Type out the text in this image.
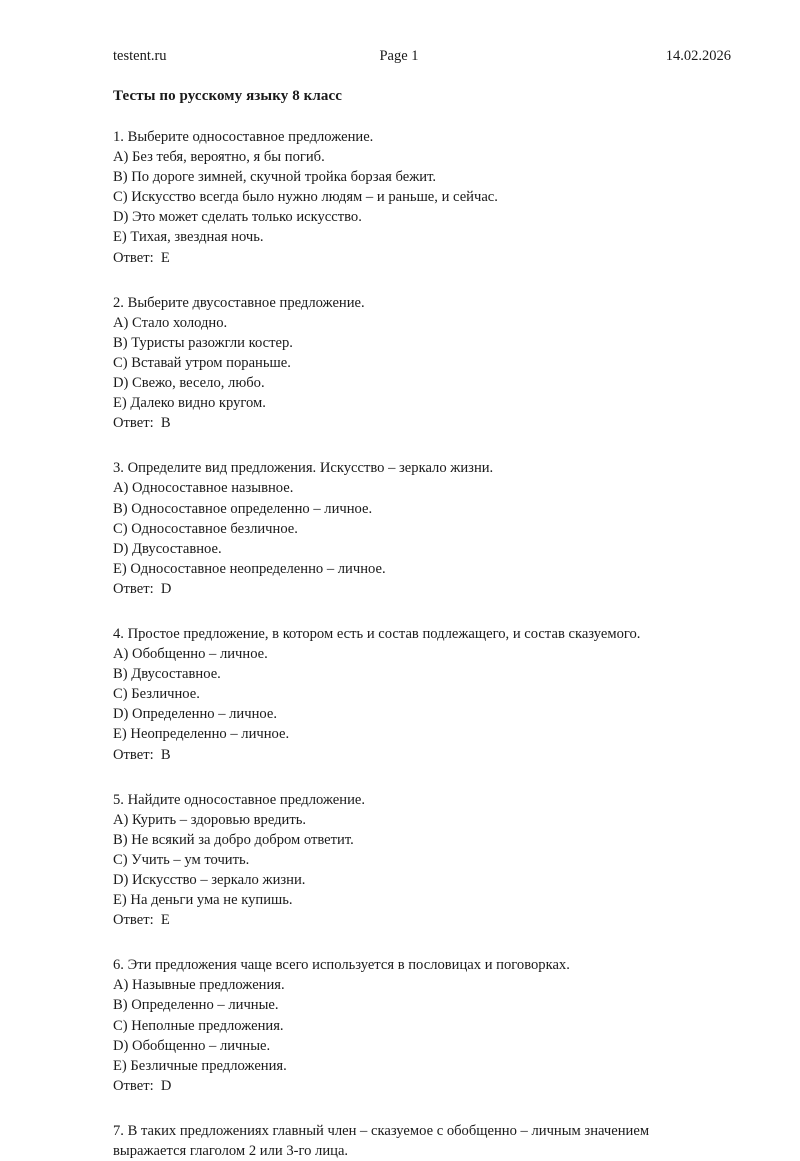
testent.ru	Page 1	14.02.2026
Тесты по русскому языку 8 класс
1. Выберите односоставное предложение.
A) Без тебя, вероятно, я бы погиб.
B) По дороге зимней, скучной тройка борзая бежит.
C) Искусство всегда было нужно людям – и раньше, и сейчас.
D) Это может сделать только искусство.
E) Тихая, звездная ночь.
Ответ:  E
2. Выберите двусоставное предложение.
A) Стало холодно.
B) Туристы разожгли костер.
C) Вставай утром пораньше.
D) Свежо, весело, любо.
E) Далеко видно кругом.
Ответ:  B
3. Определите вид предложения. Искусство – зеркало жизни.
A) Односоставное назывное.
B) Односоставное определенно – личное.
C) Односоставное безличное.
D) Двусоставное.
E) Односоставное неопределенно – личное.
Ответ:  D
4. Простое предложение, в котором есть и состав подлежащего, и состав сказуемого.
A) Обобщенно – личное.
B) Двусоставное.
C) Безличное.
D) Определенно – личное.
E) Неопределенно – личное.
Ответ:  B
5. Найдите односоставное предложение.
A) Курить – здоровью вредить.
B) Не всякий за добро добром ответит.
C) Учить – ум точить.
D) Искусство – зеркало жизни.
E) На деньги ума не купишь.
Ответ:  E
6. Эти предложения чаще всего используется в пословицах и поговорках.
A) Назывные предложения.
B) Определенно – личные.
C) Неполные предложения.
D) Обобщенно – личные.
E) Безличные предложения.
Ответ:  D
7. В таких предложениях главный член – сказуемое с обобщенно – личным значением выражается глаголом 2 или 3-го лица.
